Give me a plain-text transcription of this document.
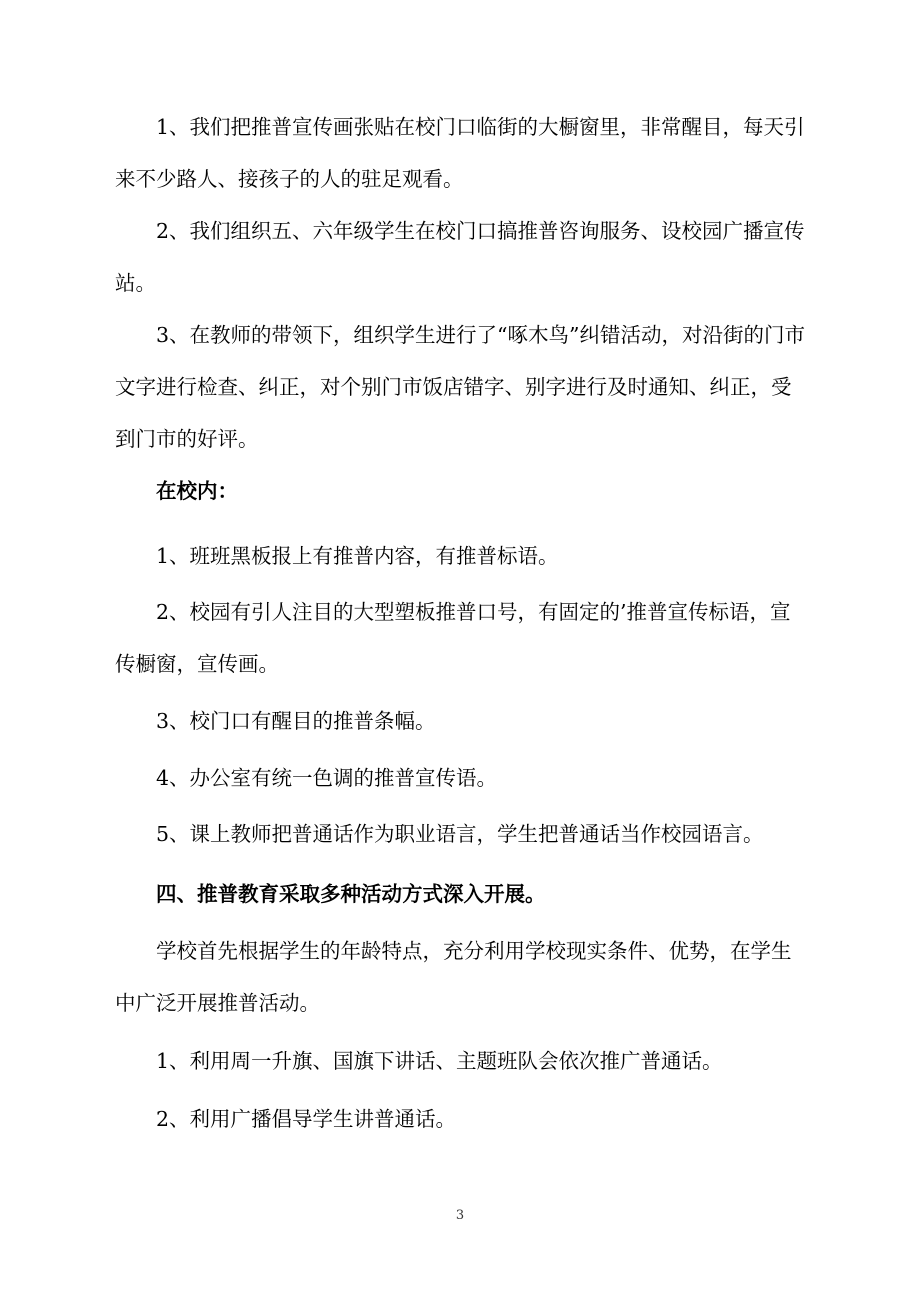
1、我们把推普宣传画张贴在校门口临街的大橱窗里，非常醒目，每天引来不少路人、接孩子的人的驻足观看。

2、我们组织五、六年级学生在校门口搞推普咨询服务、设校园广播宣传站。

3、在教师的带领下，组织学生进行了“啄木鸟”纠错活动，对沿街的门市文字进行检查、纠正，对个别门市饭店错字、别字进行及时通知、纠正，受到门市的好评。

在校内：

1、班班黑板报上有推普内容，有推普标语。

2、校园有引人注目的大型塑板推普口号，有固定的’推普宣传标语，宣传橱窗，宣传画。

3、校门口有醒目的推普条幅。

4、办公室有统一色调的推普宣传语。

5、课上教师把普通话作为职业语言，学生把普通话当作校园语言。

四、推普教育采取多种活动方式深入开展。

学校首先根据学生的年龄特点，充分利用学校现实条件、优势，在学生中广泛开展推普活动。

1、利用周一升旗、国旗下讲话、主题班队会依次推广普通话。

2、利用广播倡导学生讲普通话。

3
